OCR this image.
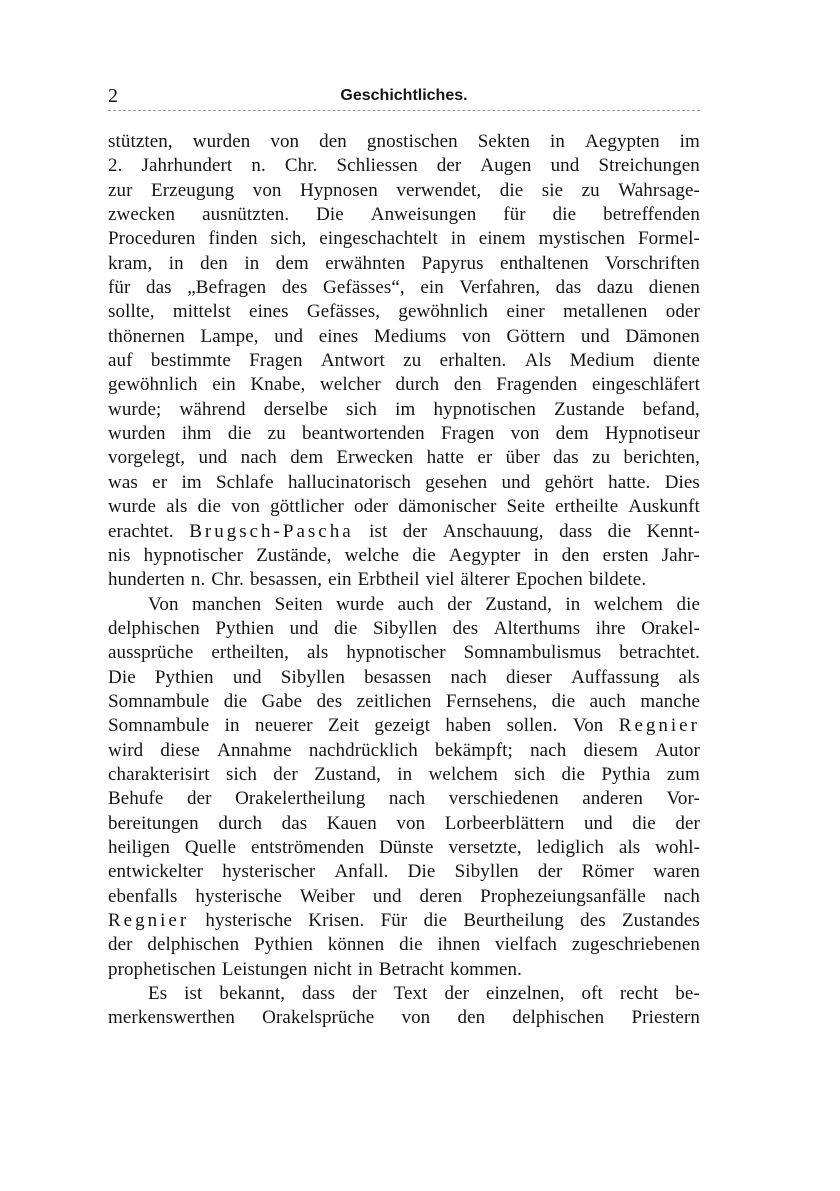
2	Geschichtliches.
stützten, wurden von den gnostischen Sekten in Aegypten im
2. Jahrhundert n. Chr. Schliessen der Augen und Streichungen
zur Erzeugung von Hypnosen verwendet, die sie zu Wahrsage-
zwecken ausnützten. Die Anweisungen für die betreffenden
Proceduren finden sich, eingeschachtelt in einem mystischen Formel-
kram, in den in dem erwähnten Papyrus enthaltenen Vorschriften
für das „Befragen des Gefässes“, ein Verfahren, das dazu dienen
sollte, mittelst eines Gefässes, gewöhnlich einer metallenen oder
thönernen Lampe, und eines Mediums von Göttern und Dämonen
auf bestimmte Fragen Antwort zu erhalten. Als Medium diente
gewöhnlich ein Knabe, welcher durch den Fragenden eingeschläfert
wurde; während derselbe sich im hypnotischen Zustande befand,
wurden ihm die zu beantwortenden Fragen von dem Hypnotiseur
vorgelegt, und nach dem Erwecken hatte er über das zu berichten,
was er im Schlafe hallucinatorisch gesehen und gehört hatte. Dies
wurde als die von göttlicher oder dämonischer Seite ertheilte Auskunft
erachtet. Brugsch-Pascha ist der Anschauung, dass die Kennt-
nis hypnotischer Zustände, welche die Aegypter in den ersten Jahr-
hunderten n. Chr. besassen, ein Erbtheil viel älterer Epochen bildete.
Von manchen Seiten wurde auch der Zustand, in welchem die
delphischen Pythien und die Sibyllen des Alterthums ihre Orakel-
aussprüche ertheilten, als hypnotischer Somnambulismus betrachtet.
Die Pythien und Sibyllen besassen nach dieser Auffassung als
Somnambule die Gabe des zeitlichen Fernsehens, die auch manche
Somnambule in neuerer Zeit gezeigt haben sollen. Von Regnier
wird diese Annahme nachdrücklich bekämpft; nach diesem Autor
charakterisirt sich der Zustand, in welchem sich die Pythia zum
Behufe der Orakelertheilung nach verschiedenen anderen Vor-
bereitungen durch das Kauen von Lorbeerblättern und die der
heiligen Quelle entströmenden Dünste versetzte, lediglich als wohl-
entwickelter hysterischer Anfall. Die Sibyllen der Römer waren
ebenfalls hysterische Weiber und deren Prophezeiungsanfälle nach
Regnier hysterische Krisen. Für die Beurtheilung des Zustandes
der delphischen Pythien können die ihnen vielfach zugeschriebenen
prophetischen Leistungen nicht in Betracht kommen.
Es ist bekannt, dass der Text der einzelnen, oft recht be-
merkenswerthen Orakelsprüche von den delphischen Priestern
